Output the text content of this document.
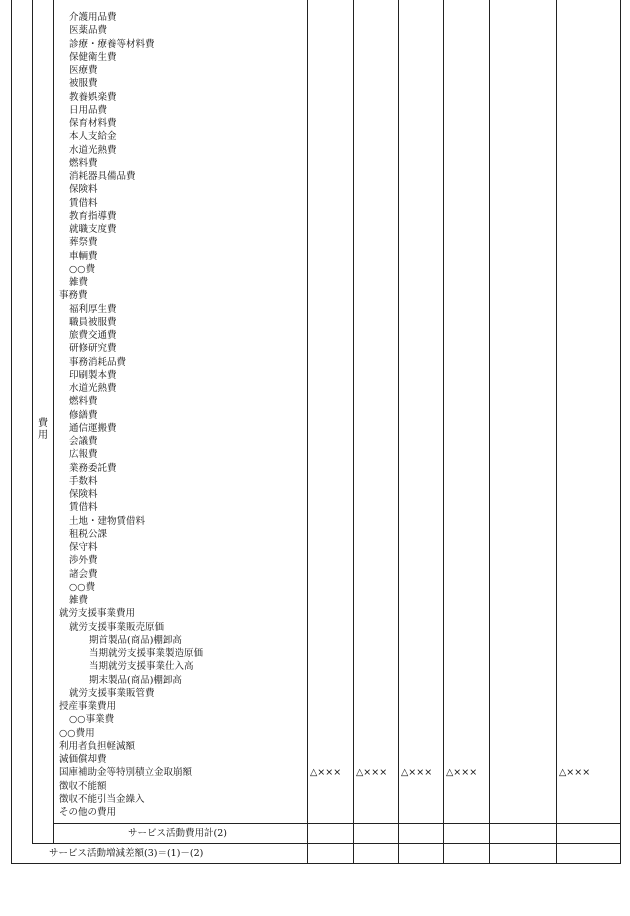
費
用
介護用品費
医薬品費
診療・療養等材料費
保健衛生費
医療費
被服費
教養娯楽費
日用品費
保育材料費
本人支給金
水道光熱費
燃料費
消耗器具備品費
保険料
賃借料
教育指導費
就職支度費
葬祭費
車輌費
○○費
雑費
事務費
福利厚生費
職員被服費
旅費交通費
研修研究費
事務消耗品費
印刷製本費
水道光熱費
燃料費
修繕費
通信運搬費
会議費
広報費
業務委託費
手数料
保険料
賃借料
土地・建物賃借料
租税公課
保守料
渉外費
諸会費
○○費
雑費
就労支援事業費用
就労支援事業販売原価
期首製品(商品)棚卸高
当期就労支援事業製造原価
当期就労支援事業仕入高
期末製品(商品)棚卸高
就労支援事業販管費
授産事業費用
○○事業費
○○費用
利用者負担軽減額
減価償却費
国庫補助金等特別積立金取崩額	△××× △××× △××× △×××	△×××
徴収不能額
徴収不能引当金繰入
その他の費用
サービス活動費用計(2)
サービス活動増減差額(3)＝(1)－(2)
